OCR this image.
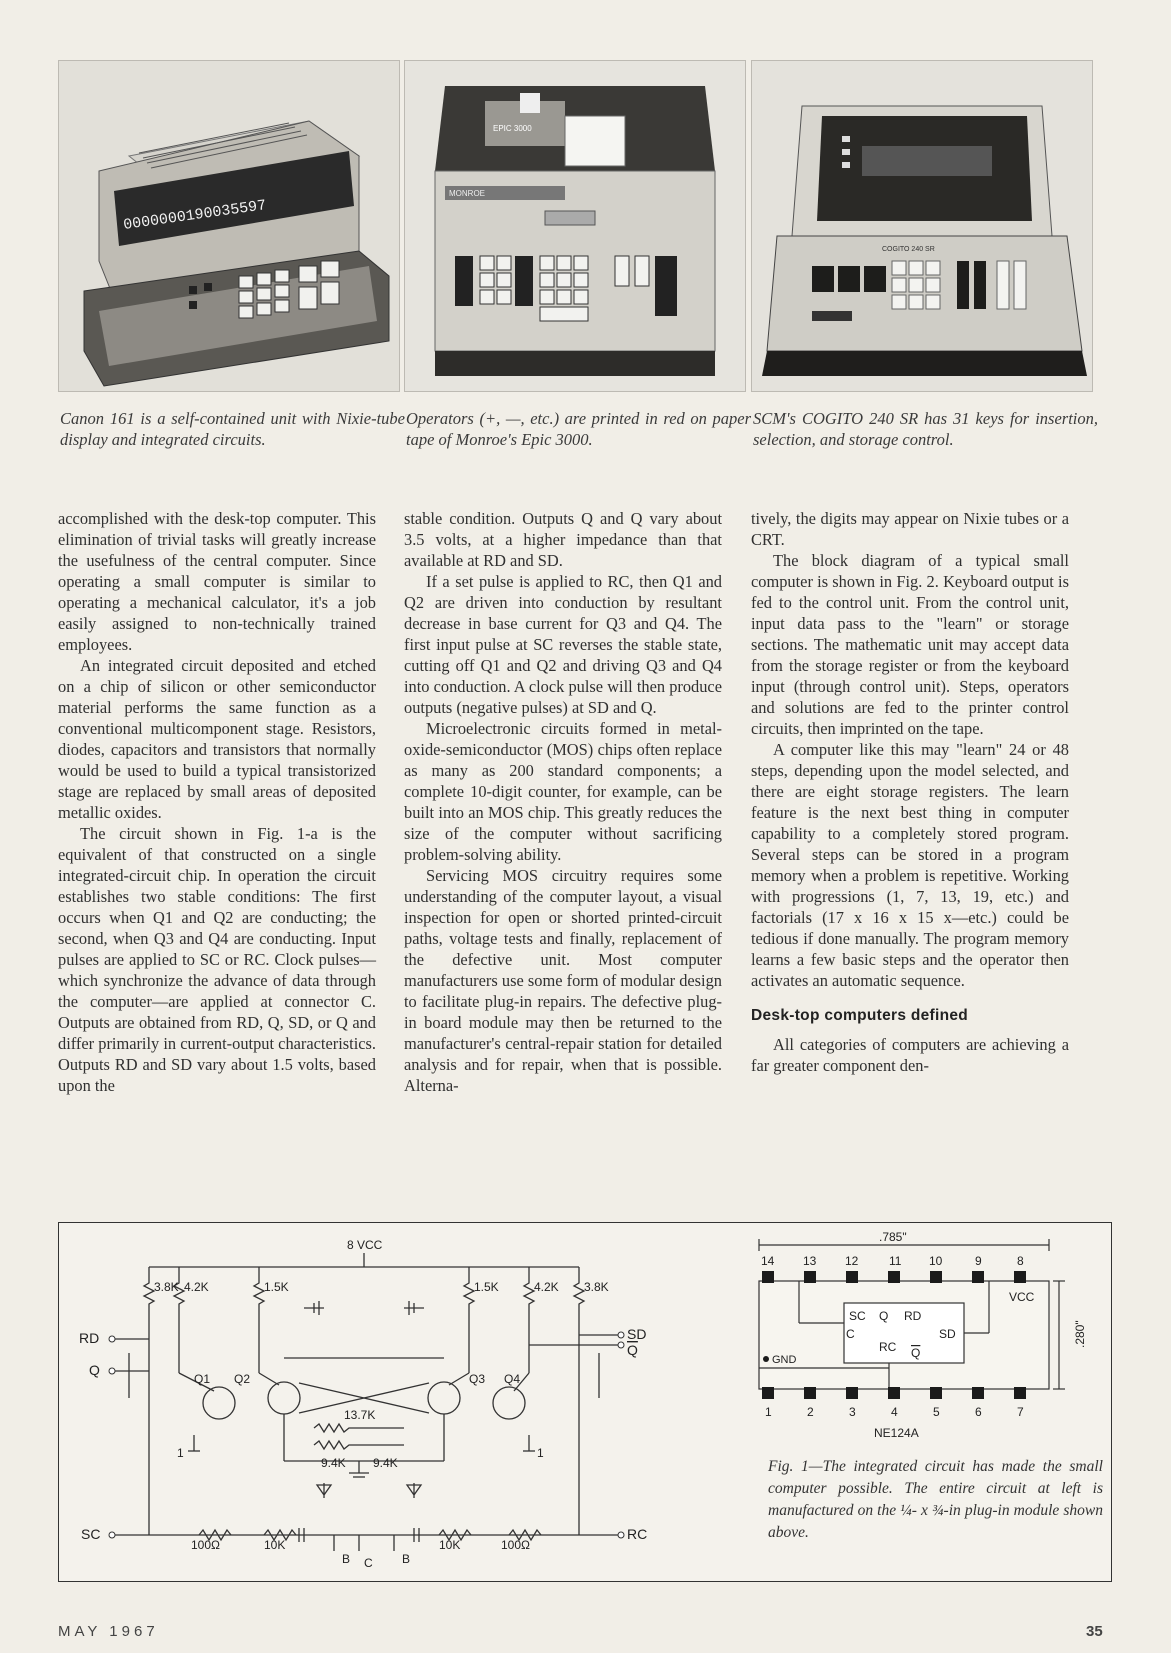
0000000190035597
EPIC 3000
MONROE
COGITO 240 SR
Canon 161 is a self-contained unit with Nixie-tube display and integrated circuits.
Operators (+, —, etc.) are printed in red on paper tape of Monroe's Epic 3000.
SCM's COGITO 240 SR has 31 keys for insertion, selection, and storage control.

accomplished with the desk-top computer. This elimination of trivial tasks will greatly increase the usefulness of the central computer. Since operating a small computer is similar to operating a mechanical calculator, it's a job easily assigned to non-technically trained employees.

An integrated circuit deposited and etched on a chip of silicon or other semiconductor material performs the same function as a conventional multicomponent stage. Resistors, diodes, capacitors and transistors that normally would be used to build a typical transistorized stage are replaced by small areas of deposited metallic oxides.

The circuit shown in Fig. 1-a is the equivalent of that constructed on a single integrated-circuit chip. In operation the circuit establishes two stable conditions: The first occurs when Q1 and Q2 are conducting; the second, when Q3 and Q4 are conducting. Input pulses are applied to SC or RC. Clock pulses—which synchronize the advance of data through the computer—are applied at connector C. Outputs are obtained from RD, Q, SD, or Q and differ primarily in current-output characteristics. Outputs RD and SD vary about 1.5 volts, based upon the

stable condition. Outputs Q and Q vary about 3.5 volts, at a higher impedance than that available at RD and SD.

If a set pulse is applied to RC, then Q1 and Q2 are driven into conduction by resultant decrease in base current for Q3 and Q4. The first input pulse at SC reverses the stable state, cutting off Q1 and Q2 and driving Q3 and Q4 into conduction. A clock pulse will then produce outputs (negative pulses) at SD and Q.

Microelectronic circuits formed in metal-oxide-semiconductor (MOS) chips often replace as many as 200 standard components; a complete 10-digit counter, for example, can be built into an MOS chip. This greatly reduces the size of the computer without sacrificing problem-solving ability.

Servicing MOS circuitry requires some understanding of the computer layout, a visual inspection for open or shorted printed-circuit paths, voltage tests and finally, replacement of the defective unit. Most computer manufacturers use some form of modular design to facilitate plug-in repairs. The defective plug-in board module may then be returned to the manufacturer's central-repair station for detailed analysis and for repair, when that is possible. Alterna-

tively, the digits may appear on Nixie tubes or a CRT.

The block diagram of a typical small computer is shown in Fig. 2. Keyboard output is fed to the control unit. From the control unit, input data pass to the "learn" or storage sections. The mathematic unit may accept data from the storage register or from the keyboard input (through control unit). Steps, operators and solutions are fed to the printer control circuits, then imprinted on the tape.

A computer like this may "learn" 24 or 48 steps, depending upon the model selected, and there are eight storage registers. The learn feature is the next best thing in computer capability to a completely stored program. Several steps can be stored in a program memory when a problem is repetitive. Working with progressions (1, 7, 13, 19, etc.) and factorials (17 x 16 x 15 x—etc.) could be tedious if done manually. The program memory learns a few basic steps and the operator then activates an automatic sequence.

Desk-top computers defined

All categories of computers are achieving a far greater component den-

8 VCC
3.8K 4.2K	1.5K	1.5K	4.2K 3.8K
Q1 Q2	Q3 Q4
13.7K
9.4K 9.4K
100Ω	10K	10K	100Ω
RD
Q
SC
SD
Q
RC
B C B
1	1
.785"
.280"
14 13 12	11 10	9	8
1	2	3	4	5	6	7
VCC
GND
SC Q RD
C	SD
RC Q
NE124A
Fig. 1—The integrated circuit has made the small computer possible. The entire circuit at left is manufactured on the ¼- x ¾-in plug-in module shown above.
MAY 1967	35
